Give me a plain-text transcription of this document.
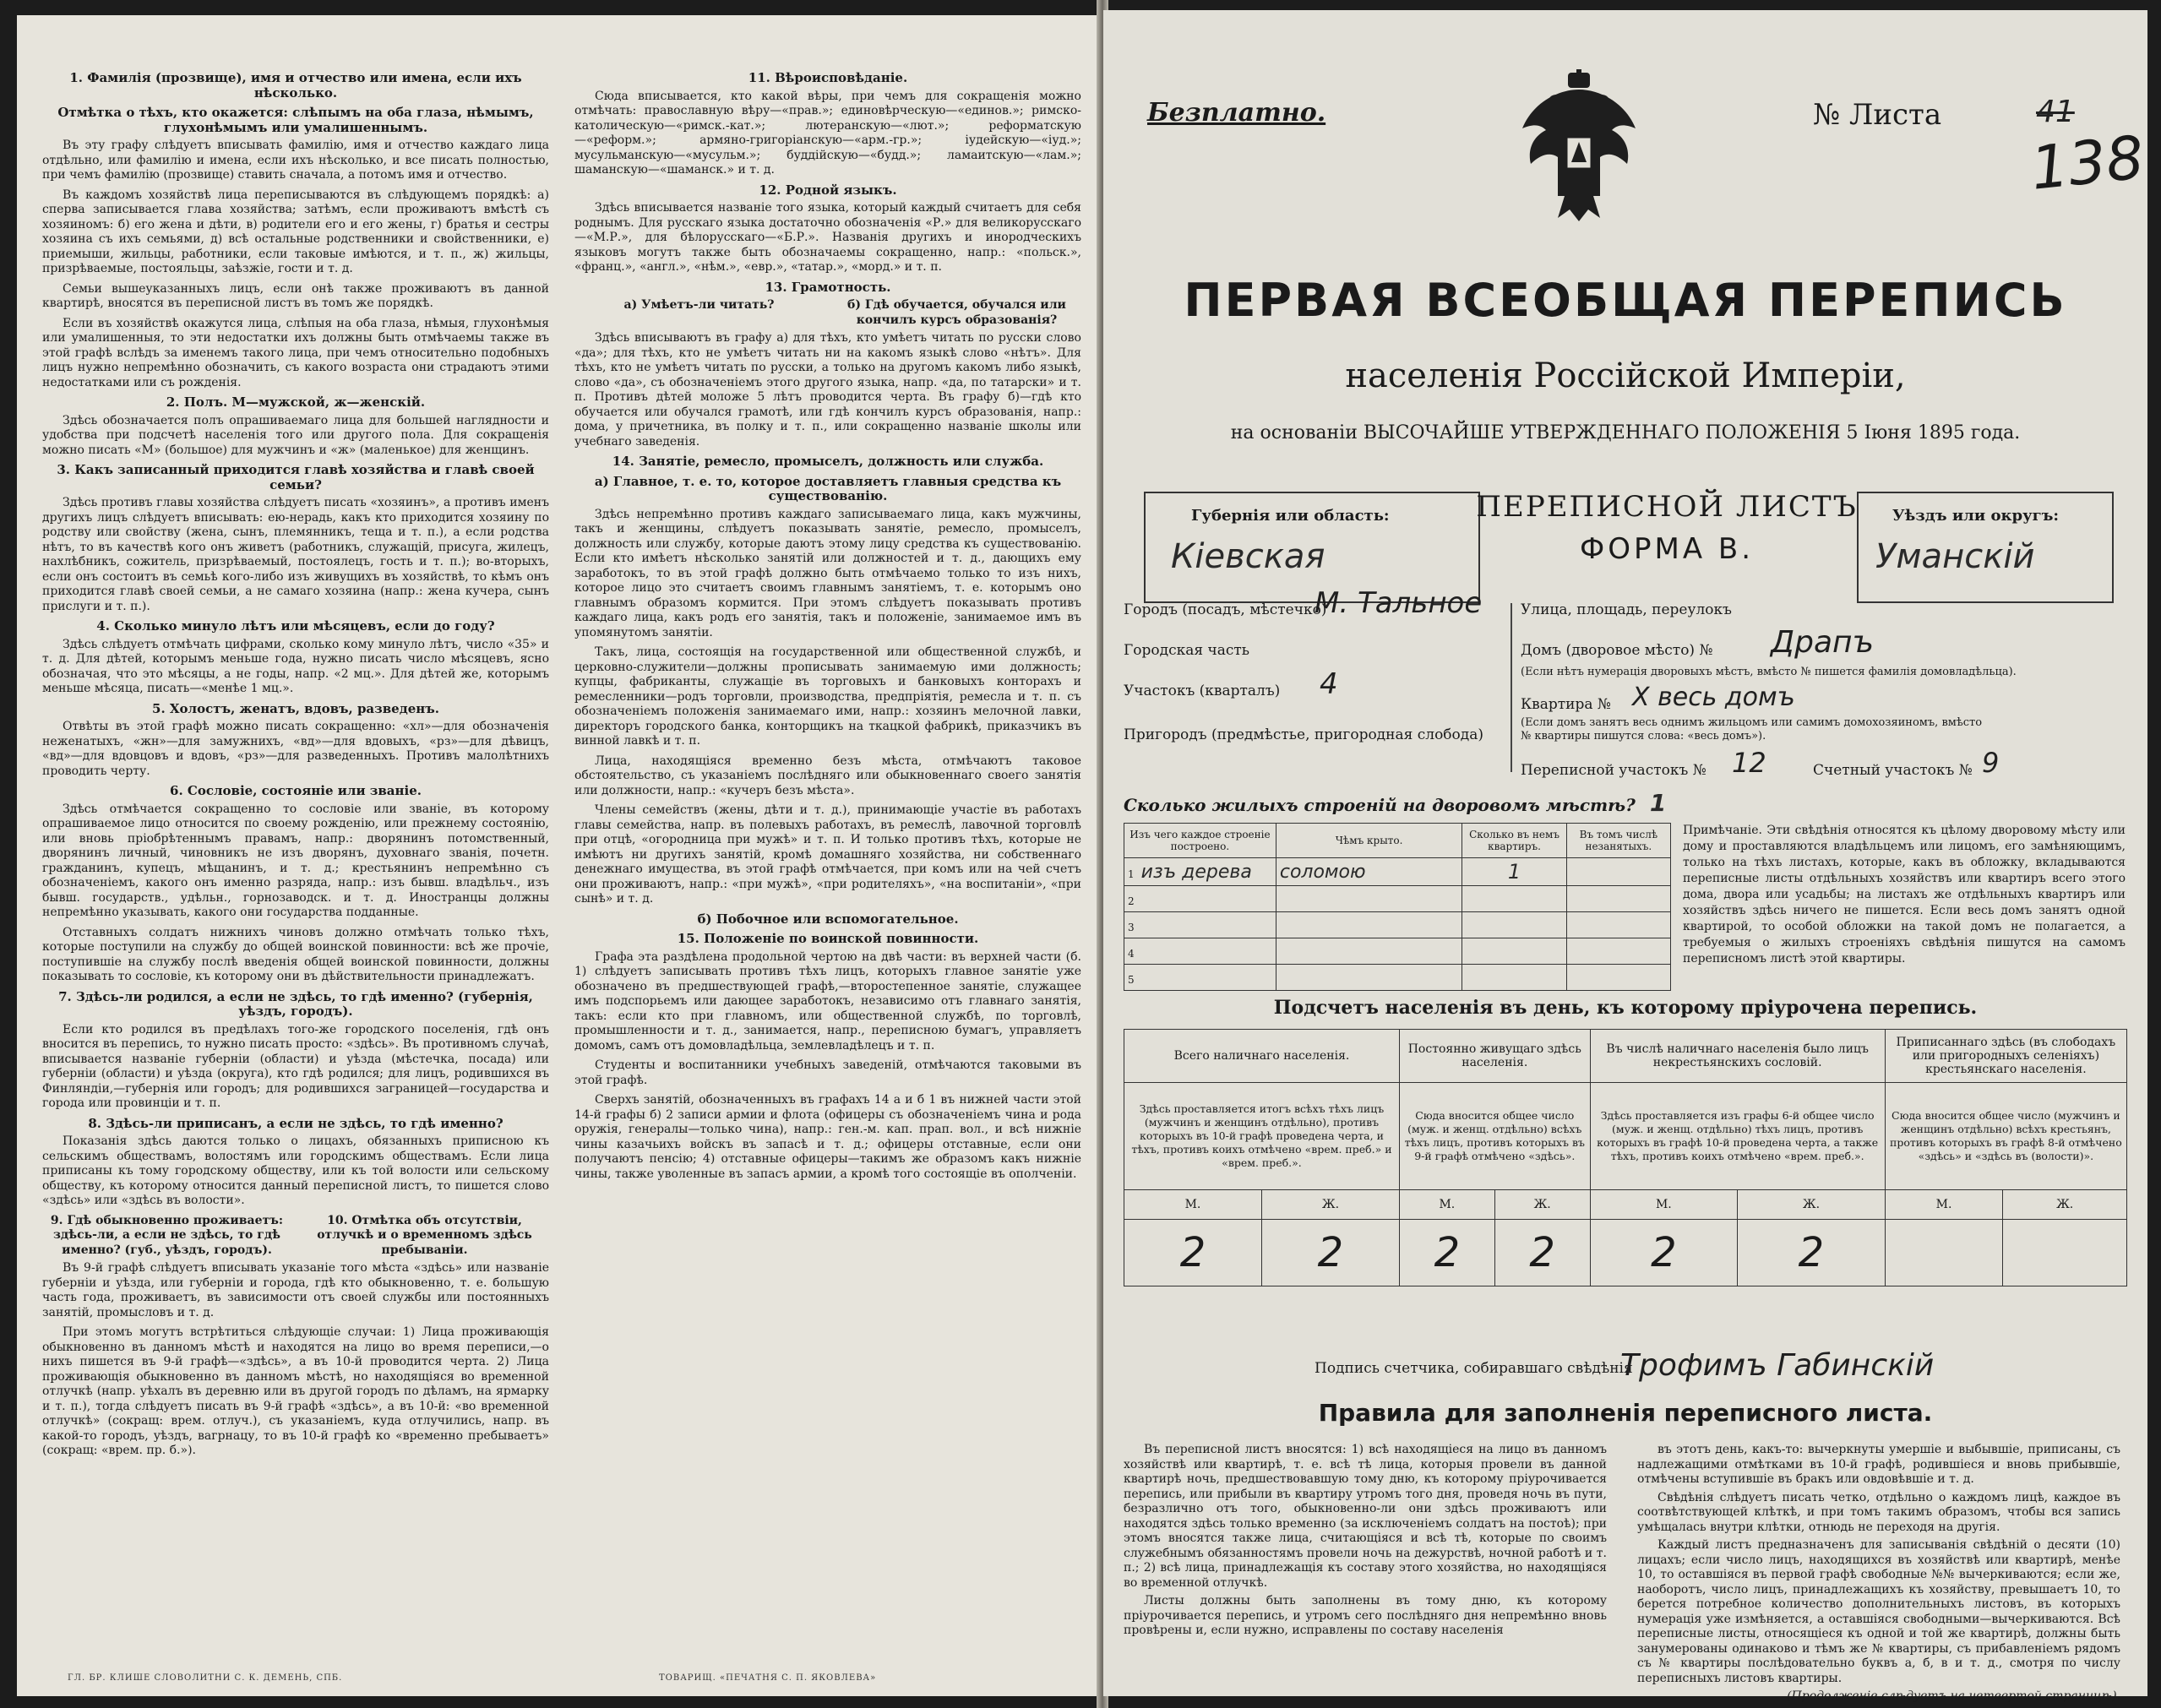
1. Фамилія (прозвище), имя и отчество или имена, если ихъ нѣсколько.
Отмѣтка о тѣхъ, кто окажется: слѣпымъ на оба глаза, нѣмымъ, глухонѣмымъ или умалишеннымъ.

Въ эту графу слѣдуетъ вписывать фамилію, имя и отчество каждаго лица отдѣльно, или фамилію и имена, если ихъ нѣсколько, и все писать полностью, при чемъ фамилію (прозвище) ставить сначала, а потомъ имя и отчество.

Въ каждомъ хозяйствѣ лица переписываются въ слѣдующемъ порядкѣ: а) сперва записывается глава хозяйства; затѣмъ, если проживаютъ вмѣстѣ съ хозяиномъ: б) его жена и дѣти, в) родители его и его жены, г) братья и сестры хозяина съ ихъ семьями, д) всѣ остальные родственники и свойственники, е) приемыши, жильцы, работники, если таковые имѣются, и т. п., ж) жильцы, призрѣваемые, постояльцы, заѣзжіе, гости и т. д.

Семьи вышеуказанныхъ лицъ, если онѣ также проживаютъ въ данной квартирѣ, вносятся въ переписной листъ въ томъ же порядкѣ.

Если въ хозяйствѣ окажутся лица, слѣпыя на оба глаза, нѣмыя, глухонѣмыя или умалишенныя, то эти недостатки ихъ должны быть отмѣчаемы также въ этой графѣ вслѣдъ за именемъ такого лица, при чемъ относительно подобныхъ лицъ нужно непремѣнно обозначить, съ какого возраста они страдаютъ этими недостатками или съ рожденія.

2. Полъ. М—мужской, ж—женскій.

Здѣсь обозначается полъ опрашиваемаго лица для большей наглядности и удобства при подсчетѣ населенія того или другого пола. Для сокращенія можно писать «М» (большое) для мужчинъ и «ж» (маленькое) для женщинъ.

3. Какъ записанный приходится главѣ хозяйства и главѣ своей семьи?

Здѣсь противъ главы хозяйства слѣдуетъ писать «хозяинъ», а противъ именъ другихъ лицъ слѣдуетъ вписывать: ею-нерадь, какъ кто приходится хозяину по родству или свойству (жена, сынъ, племянникъ, теща и т. п.), а если родства нѣтъ, то въ качествѣ кого онъ живетъ (работникъ, служащій, присуга, жилецъ, нахлѣбникъ, сожитель, призрѣваемый, постоялецъ, гость и т. п.); во-вторыхъ, если онъ состоитъ въ семьѣ кого-либо изъ живущихъ въ хозяйствѣ, то кѣмъ онъ приходится главѣ своей семьи, а не самаго хозяина (напр.: жена кучера, сынъ прислуги и т. п.).

4. Сколько минуло лѣтъ или мѣсяцевъ, если до году?

Здѣсь слѣдуетъ отмѣчать цифрами, сколько кому минуло лѣтъ, число «35» и т. д. Для дѣтей, которымъ меньше года, нужно писать число мѣсяцевъ, ясно обозначая, что это мѣсяцы, а не годы, напр. «2 мц.». Для дѣтей же, которымъ меньше мѣсяца, писать—«менѣе 1 мц.».

5. Холостъ, женатъ, вдовъ, разведенъ.

Отвѣты въ этой графѣ можно писать сокращенно: «хл»—для обозначенія неженатыхъ, «жн»—для замужнихъ, «вд»—для вдовыхъ, «рз»—для дѣвицъ, «вд»—для вдовцовъ и вдовъ, «рз»—для разведенныхъ. Противъ малолѣтнихъ проводить черту.

6. Сословіе, состояніе или званіе.

Здѣсь отмѣчается сокращенно то сословіе или званіе, въ которому опрашиваемое лицо относится по своему рожденію, или прежнему состоянію, или вновь пріобрѣтеннымъ правамъ, напр.: дворянинъ потомственный, дворянинъ личный, чиновникъ не изъ дворянъ, духовнаго званія, почетн. гражданинъ, купецъ, мѣщанинъ, и т. д.; крестьянинъ непремѣнно съ обозначеніемъ, какого онъ именно разряда, напр.: изъ бывш. владѣльч., изъ бывш. государств., удѣльн., горнозаводск. и т. д. Иностранцы должны непремѣнно указывать, какого они государства подданные.

Отставныхъ солдатъ нижнихъ чиновъ должно отмѣчать только тѣхъ, которые поступили на службу до общей воинской повинности: всѣ же прочіе, поступившіе на службу послѣ введенія общей воинской повинности, должны показывать то сословіе, къ которому они въ дѣйствительности принадлежатъ.

7. Здѣсь-ли родился, а если не здѣсь, то гдѣ именно? (губернія, уѣздъ, городъ).

Если кто родился въ предѣлахъ того-же городского поселенія, гдѣ онъ вносится въ перепись, то нужно писать просто: «здѣсь». Въ противномъ случаѣ, вписывается названіе губерніи (области) и уѣзда (мѣстечка, посада) или губерніи (области) и уѣзда (округа), кто гдѣ родился; для лицъ, родившихся въ Финляндіи,—губернія или городъ; для родившихся заграницей—государства и города или провинціи и т. п.

8. Здѣсь-ли приписанъ, а если не здѣсь, то гдѣ именно?

Показанія здѣсь даются только о лицахъ, обязанныхъ приписною къ сельскимъ обществамъ, волостямъ или городскимъ обществамъ. Если лица приписаны къ тому городскому обществу, или къ той волости или сельскому обществу, къ которому относится данный переписной листъ, то пишется слово «здѣсь» или «здѣсь въ волости».

9. Гдѣ обыкновенно проживаетъ: здѣсь-ли, а если не здѣсь, то гдѣ именно? (губ., уѣздъ, городъ).
10. Отмѣтка объ отсутствіи, отлучкѣ и о временномъ здѣсь пребываніи.

Въ 9-й графѣ слѣдуетъ вписывать указаніе того мѣста «здѣсь» или названіе губерніи и уѣзда, или губерніи и города, гдѣ кто обыкновенно, т. е. большую часть года, проживаетъ, въ зависимости отъ своей службы или постоянныхъ занятій, промысловъ и т. д.

При этомъ могутъ встрѣтиться слѣдующіе случаи: 1) Лица проживающія обыкновенно въ данномъ мѣстѣ и находятся на лицо во время переписи,—о нихъ пишется въ 9-й графѣ—«здѣсь», а въ 10-й проводится черта. 2) Лица проживающія обыкновенно въ данномъ мѣстѣ, но находящіяся во временной отлучкѣ (напр. уѣхалъ въ деревню или въ другой городъ по дѣламъ, на ярмарку и т. п.), тогда слѣдуетъ писать въ 9-й графѣ «здѣсь», а въ 10-й: «во временной отлучкѣ» (сокращ: врем. отлуч.), съ указаніемъ, куда отлучились, напр. въ какой-то городъ, уѣздъ, вагрнацу, то въ 10-й графѣ ко «временно пребываетъ» (сокращ: «врем. пр. б.»).

11. Вѣроисповѣданіе.

Сюда вписывается, кто какой вѣры, при чемъ для сокращенія можно отмѣчать: православную вѣру—«прав.»; единовѣрческую—«единов.»; римско-католическую—«римск.-кат.»; лютеранскую—«лют.»; реформатскую—«реформ.»; армяно-григоріанскую—«арм.-гр.»; іудейскую—«іуд.»; мусульманскую—«мусульм.»; буддійскую—«будд.»; ламаитскую—«лам.»; шаманскую—«шаманск.» и т. д.

12. Родной языкъ.

Здѣсь вписывается названіе того языка, который каждый считаетъ для себя роднымъ. Для русскаго языка достаточно обозначенія «Р.» для великорусскаго—«М.Р.», для бѣлорусскаго—«Б.Р.». Названія другихъ и инородческихъ языковъ могутъ также быть обозначаемы сокращенно, напр.: «польск.», «франц.», «англ.», «нѣм.», «евр.», «татар.», «морд.» и т. п.

13. Грамотность.
а) Умѣетъ-ли читать?	б) Гдѣ обучается, обучался или кончилъ курсъ образованія?

Здѣсь вписываютъ въ графу а) для тѣхъ, кто умѣетъ читать по русски слово «да»; для тѣхъ, кто не умѣетъ читать ни на какомъ языкѣ слово «нѣтъ». Для тѣхъ, кто не умѣетъ читать по русски, а только на другомъ какомъ либо языкѣ, слово «да», съ обозначеніемъ этого другого языка, напр. «да, по татарски» и т. п. Противъ дѣтей моложе 5 лѣтъ проводится черта. Въ графу б)—гдѣ кто обучается или обучался грамотѣ, или гдѣ кончилъ курсъ образованія, напр.: дома, у причетника, въ полку и т. п., или сокращенно названіе школы или учебнаго заведенія.

14. Занятіе, ремесло, промыселъ, должность или служба.
а) Главное, т. е. то, которое доставляетъ главныя средства къ существованію.

Здѣсь непремѣнно противъ каждаго записываемаго лица, какъ мужчины, такъ и женщины, слѣдуетъ показывать занятіе, ремесло, промыселъ, должность или службу, которые даютъ этому лицу средства къ существованію. Если кто имѣетъ нѣсколько занятій или должностей и т. д., дающихъ ему заработокъ, то въ этой графѣ должно быть отмѣчаемо только то изъ нихъ, которое лицо это считаетъ своимъ главнымъ занятіемъ, т. е. которымъ оно главнымъ образомъ кормится. При этомъ слѣдуетъ показывать противъ каждаго лица, какъ родъ его занятія, такъ и положеніе, занимаемое имъ въ упомянутомъ занятіи.

Такъ, лица, состоящія на государственной или общественной службѣ, и церковно-служители—должны прописывать занимаемую ими должность; купцы, фабриканты, служащіе въ торговыхъ и банковыхъ конторахъ и ремесленники—родъ торговли, производства, предпріятія, ремесла и т. п. съ обозначеніемъ положенія занимаемаго ими, напр.: хозяинъ мелочной лавки, директоръ городского банка, конторщикъ на ткацкой фабрикѣ, приказчикъ въ винной лавкѣ и т. п.

Лица, находящіяся временно безъ мѣста, отмѣчаютъ таковое обстоятельство, съ указаніемъ послѣдняго или обыкновеннаго своего занятія или должности, напр.: «кучеръ безъ мѣста».

Члены семействъ (жены, дѣти и т. д.), принимающіе участіе въ работахъ главы семейства, напр. въ полевыхъ работахъ, въ ремеслѣ, лавочной торговлѣ при отцѣ, «огородница при мужѣ» и т. п. И только противъ тѣхъ, которые не имѣютъ ни другихъ занятій, кромѣ домашняго хозяйства, ни собственнаго денежнаго имущества, въ этой графѣ отмѣчается, при комъ или на чей счетъ они проживаютъ, напр.: «при мужѣ», «при родителяхъ», «на воспитаніи», «при сынѣ» и т. д.

б) Побочное или вспомогательное.
15. Положеніе по воинской повинности.

Графа эта раздѣлена продольной чертою на двѣ части: въ верхней части (б. 1) слѣдуетъ записывать противъ тѣхъ лицъ, которыхъ главное занятіе уже обозначено въ предшествующей графѣ,—второстепенное занятіе, служащее имъ подспорьемъ или дающее заработокъ, независимо отъ главнаго занятія, такъ: если кто при главномъ, или общественной службѣ, по торговлѣ, промышленности и т. д., занимается, напр., переписною бумагъ, управляетъ домомъ, самъ отъ домовладѣльца, землевладѣлецъ и т. п.

Студенты и воспитанники учебныхъ заведеній, отмѣчаются таковыми въ этой графѣ.

Сверхъ занятій, обозначенныхъ въ графахъ 14 а и б 1 въ нижней части этой 14-й графы б) 2 записи армии и флота (офицеры съ обозначеніемъ чина и рода оружія, генералы—только чина), напр.: ген.-м. кап. прап. вол., и всѣ нижніе чины казачьихъ войскъ въ запасѣ и т. д.; офицеры отставные, если они получаютъ пенсію; 4) отставные офицеры—такимъ же образомъ какъ нижніе чины, также уволенные въ запасъ армии, а кромѣ того состоящіе въ ополченіи.

ГЛ. БР. КЛИШЕ СЛОВОЛИТНИ С. К. ДЕМЕНЬ, СПБ.	ТОВАРИЩ. «ПЕЧАТНЯ С. П. ЯКОВЛЕВА»
Безплатно.	№ Листа	41
138
ПЕРВАЯ ВСЕОБЩАЯ ПЕРЕПИСЬ
населенія Россійской Имперіи,
на основаніи ВЫСОЧАЙШЕ УТВЕРЖДЕННАГО ПОЛОЖЕНІЯ 5 Іюня 1895 года.
Губернія или область:
Кіевская
ПЕРЕПИСНОЙ ЛИСТЪ
ФОРМА В.
Уѣздъ или округъ:
Уманскій
Городъ (посадъ, мѣстечко)
М. Тальное	Улица, площадь, переулокъ
Городская часть	Домъ (дворовое мѣсто) № Драпъ
(Если нѣтъ нумерація дворовыхъ мѣстъ, вмѣсто № пишется фамилія домовладѣльца).
Участокъ (кварталъ) 4
Квартира № X весь домъ
(Если домъ занятъ весь однимъ жильцомъ или самимъ домохозяиномъ, вмѣсто
№ квартиры пишутся слова: «весь домъ»).
Пригородъ (предмѣстье, пригородная слобода)
Переписной участокъ № 12	Счетный участокъ № 9
Сколько жилыхъ строеній на дворовомъ мѣстѣ? 1
Изъ чего каждое строеніе построено.	Чѣмъ крыто.	Сколько въ немъ квартиръ.	Въ томъ числѣ незанятыхъ.
1 изъ дерева	соломою	1	
2			
3			
4			
5			
Примѣчаніе. Эти свѣдѣнія относятся къ цѣлому дворовому мѣсту или дому и проставляются владѣльцемъ или лицомъ, его замѣняющимъ, только на тѣхъ листахъ, которые, какъ въ обложку, вкладываются переписные листы отдѣльныхъ хозяйствъ или квартиръ всего этого дома, двора или усадьбы; на листахъ же отдѣльныхъ квартиръ или хозяйствъ здѣсь ничего не пишется. Если весь домъ занятъ одной квартирой, то особой обложки на такой домъ не полагается, а требуемыя о жилыхъ строеніяхъ свѣдѣнія пишутся на самомъ переписномъ листѣ этой квартиры.
Подсчетъ населенія въ день, къ которому пріурочена перепись.
Всего наличнаго населенія.		Постоянно живущаго здѣсь населенія.		Въ числѣ наличнаго населенія было лицъ некрестьянскихъ сословій.		Приписаннаго здѣсь (въ слободахъ или пригородныхъ селеніяхъ) крестьянскаго населенія.	
Здѣсь проставляется итогъ всѣхъ тѣхъ лицъ (мужчинъ и женщинъ отдѣльно), противъ которыхъ въ 10-й графѣ проведена черта, и тѣхъ, противъ коихъ отмѣчено «врем. преб.» и «врем. преб.».		Сюда вносится общее число (муж. и женщ. отдѣльно) всѣхъ тѣхъ лицъ, противъ которыхъ въ 9-й графѣ отмѣчено «здѣсь».		Здѣсь проставляется изъ графы 6-й общее число (муж. и женщ. отдѣльно) тѣхъ лицъ, противъ которыхъ въ графѣ 10-й проведена черта, а также тѣхъ, противъ коихъ отмѣчено «врем. преб.».		Сюда вносится общее число (мужчинъ и женщинъ отдѣльно) всѣхъ крестьянъ, противъ которыхъ въ графѣ 8-й отмѣчено «здѣсь» и «здѣсь въ (волости)».	
М.	Ж.	М.	Ж.	М.	Ж.	М.	Ж.
2	2	2	2	2	2		
Подпись счетчика, собиравшаго свѣдѣнія
Трофимъ Габинскій
Правила для заполненія переписного листа.

Въ переписной листъ вносятся: 1) всѣ находящіеся на лицо въ данномъ хозяйствѣ или квартирѣ, т. е. всѣ тѣ лица, которыя провели въ данной квартирѣ ночь, предшествовавшую тому дню, къ которому пріурочивается перепись, или прибыли въ квартиру утромъ того дня, проведя ночь въ пути, безразлично отъ того, обыкновенно-ли они здѣсь проживаютъ или находятся здѣсь только временно (за исключеніемъ солдатъ на постоѣ); при этомъ вносятся также лица, считающіяся и всѣ тѣ, которые по своимъ служебнымъ обязанностямъ провели ночь на дежурствѣ, ночной работѣ и т. п.; 2) всѣ лица, принадлежащія къ составу этого хозяйства, но находящіяся во временной отлучкѣ.

Листы должны быть заполнены въ тому дню, къ которому пріурочивается перепись, и утромъ сего послѣдняго дня непремѣнно вновь провѣрены и, если нужно, исправлены по составу населенія

въ этотъ день, какъ-то: вычеркнуты умершіе и выбывшіе, приписаны, съ надлежащими отмѣтками въ 10-й графѣ, родившіеся и вновь прибывшіе, отмѣчены вступившіе въ бракъ или овдовѣвшіе и т. д.

Свѣдѣнія слѣдуетъ писать четко, отдѣльно о каждомъ лицѣ, каждое въ соотвѣтствующей клѣткѣ, и при томъ такимъ образомъ, чтобы вся запись умѣщалась внутри клѣтки, отнюдь не переходя на другія.

Каждый листъ предназначенъ для записыванія свѣдѣній о десяти (10) лицахъ; если число лицъ, находящихся въ хозяйствѣ или квартирѣ, менѣе 10, то оставшіяся въ первой графѣ свободные №№ вычеркиваются; если же, наоборотъ, число лицъ, принадлежащихъ къ хозяйству, превышаетъ 10, то берется потребное количество дополнительныхъ листовъ, въ которыхъ нумерація уже измѣняется, а оставшіяся свободными—вычеркиваются. Всѣ переписные листы, относящіеся къ одной и той же квартирѣ, должны быть занумерованы одинаково и тѣмъ же № квартиры, съ прибавленіемъ рядомъ съ № квартиры послѣдовательно буквъ а, б, в и т. д., смотря по числу переписныхъ листовъ квартиры.

(Продолженіе слѣдуетъ на четвертой страницѣ).
